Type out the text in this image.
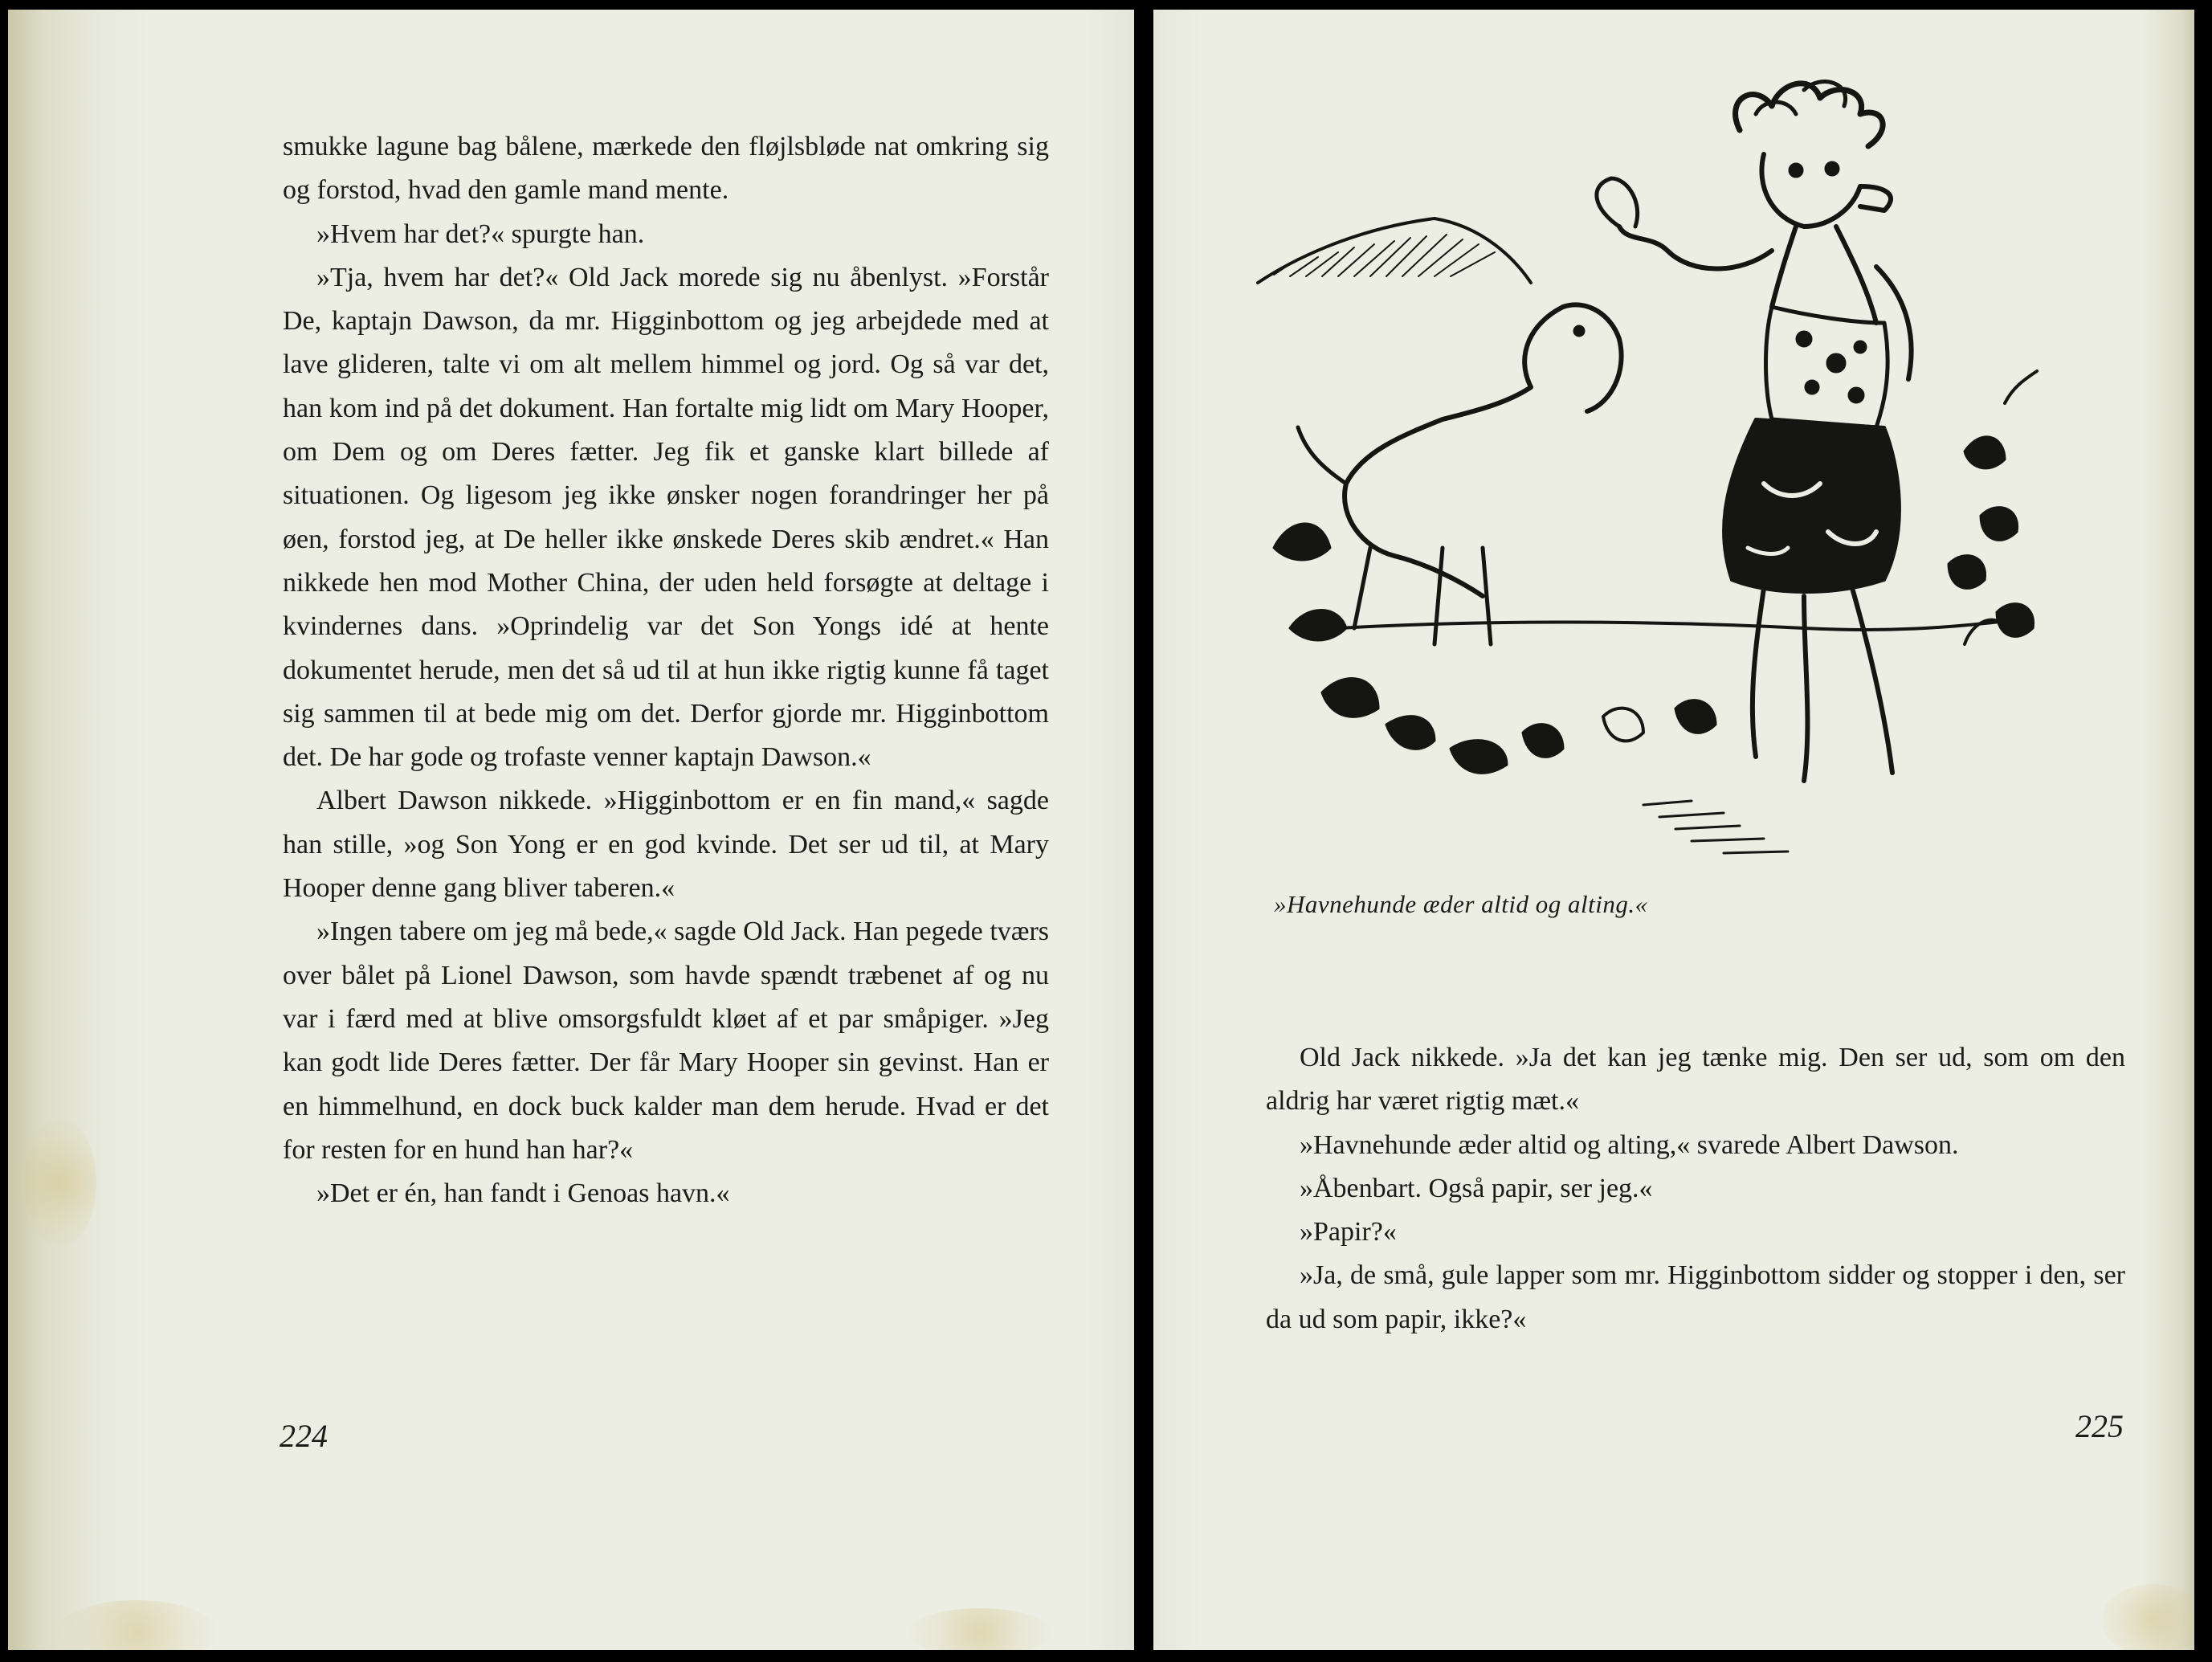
smukke lagune bag bålene, mærkede den fløjlsbløde nat omkring sig og forstod, hvad den gamle mand mente.

»Hvem har det?« spurgte han.

»Tja, hvem har det?« Old Jack morede sig nu åbenlyst. »Forstår De, kaptajn Dawson, da mr. Higginbottom og jeg arbejdede med at lave glideren, talte vi om alt mellem himmel og jord. Og så var det, han kom ind på det dokument. Han fortalte mig lidt om Mary Hooper, om Dem og om Deres fætter. Jeg fik et ganske klart billede af situationen. Og ligesom jeg ikke ønsker nogen forandringer her på øen, forstod jeg, at De heller ikke ønskede Deres skib ændret.« Han nikkede hen mod Mother China, der uden held forsøgte at deltage i kvindernes dans. »Oprindelig var det Son Yongs idé at hente dokumentet herude, men det så ud til at hun ikke rigtig kunne få taget sig sammen til at bede mig om det. Derfor gjorde mr. Higginbottom det. De har gode og trofaste venner kaptajn Dawson.«

Albert Dawson nikkede. »Higginbottom er en fin mand,« sagde han stille, »og Son Yong er en god kvinde. Det ser ud til, at Mary Hooper denne gang bliver taberen.«

»Ingen tabere om jeg må bede,« sagde Old Jack. Han pegede tværs over bålet på Lionel Dawson, som havde spændt træbenet af og nu var i færd med at blive omsorgsfuldt kløet af et par småpiger. »Jeg kan godt lide Deres fætter. Der får Mary Hooper sin gevinst. Han er en himmelhund, en dock buck kalder man dem herude. Hvad er det for resten for en hund han har?«

»Det er én, han fandt i Genoas havn.«

224
»Havnehunde æder altid og alting.«

Old Jack nikkede. »Ja det kan jeg tænke mig. Den ser ud, som om den aldrig har været rigtig mæt.«

»Havnehunde æder altid og alting,« svarede Albert Dawson.

»Åbenbart. Også papir, ser jeg.«

»Papir?«

»Ja, de små, gule lapper som mr. Higginbottom sidder og stopper i den, ser da ud som papir, ikke?«

225
